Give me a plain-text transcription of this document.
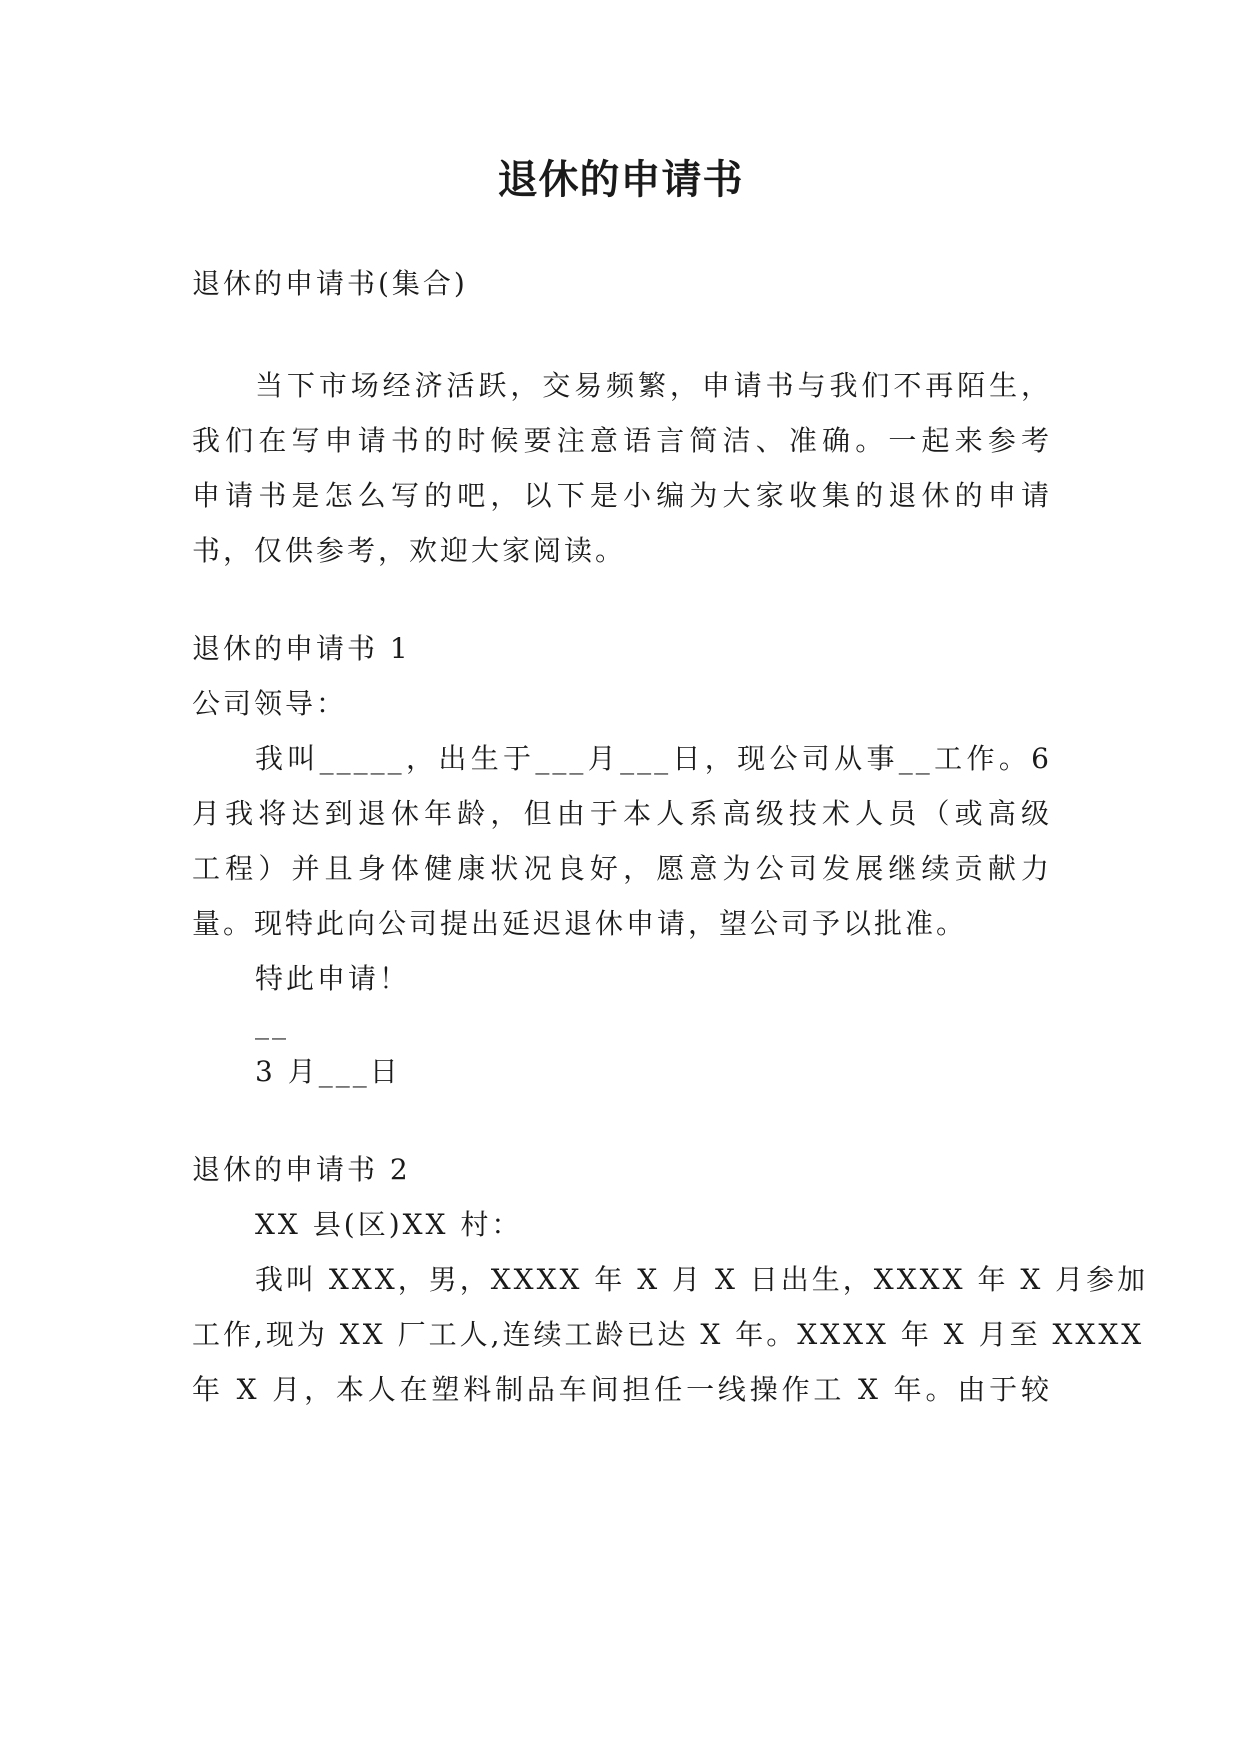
退休的申请书
退休的申请书(集合)
当下市场经济活跃，交易频繁，申请书与我们不再陌生，
我们在写申请书的时候要注意语言简洁、准确。一起来参考
申请书是怎么写的吧，以下是小编为大家收集的退休的申请
书，仅供参考，欢迎大家阅读。
退休的申请书 1
公司领导：
我叫_____，出生于___月___日，现公司从事__工作。6
月我将达到退休年龄，但由于本人系高级技术人员（或高级
工程）并且身体健康状况良好，愿意为公司发展继续贡献力
量。现特此向公司提出延迟退休申请，望公司予以批准。
特此申请！
__
3 月___日
退休的申请书 2
XX 县(区)XX 村：
我叫 XXX，男，XXXX 年 X 月 X 日出生，XXXX 年 X 月参加
工作,现为 XX 厂工人,连续工龄已达 X 年。XXXX 年 X 月至 XXXX
年 X 月，本人在塑料制品车间担任一线操作工 X 年。由于较
